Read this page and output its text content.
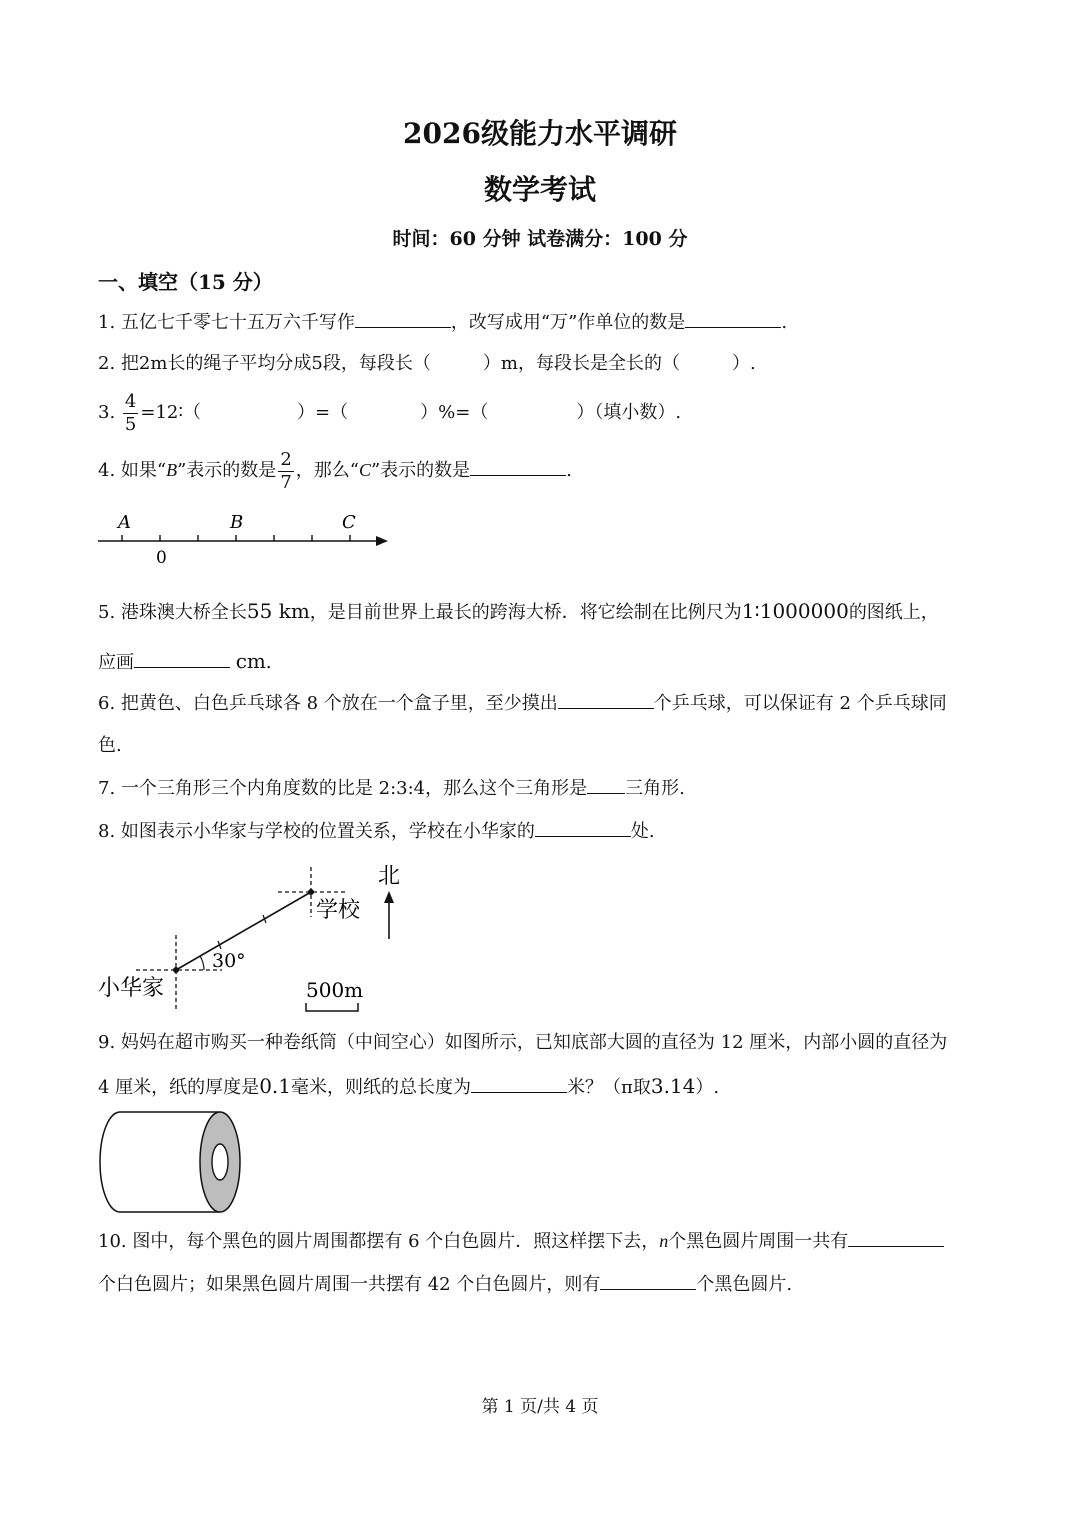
2026级能力水平调研
数学考试
时间：60 分钟 试卷满分：100 分
一、填空（15 分）
1. 五亿七千零七十五万六千写作	，改写成用“万”作单位的数是	.
2. 把2m长的绳子平均分成5段，每段长（	）m，每段长是全长的（	）.
3. $\frac{4}{5}$ =12∶（	）=（	）%=（	）（填小数）.
4. 如果“B”表示的数是 $\frac{2}{7}$ ，那么“C”表示的数是	.
A	B	C
0
5. 港珠澳大桥全长55 km，是目前世界上最长的跨海大桥．将它绘制在比例尺为1∶1000000的图纸上，
应画	cm.
6. 把黄色、白色乒乓球各 8 个放在一个盒子里，至少摸出	个乒乓球，可以保证有 2 个乒乓球同
色.
7. 一个三角形三个内角度数的比是 2:3:4，那么这个三角形是 三角形.
8. 如图表示小华家与学校的位置关系，学校在小华家的	处.
30°
学校
小华家
北
500m
9. 妈妈在超市购买一种卷纸筒（中间空心）如图所示，已知底部大圆的直径为 12 厘米，内部小圆的直径为
4 厘米，纸的厚度是0.1毫米，则纸的总长度为	米？（π取3.14）.
10. 图中，每个黑色的圆片周围都摆有 6 个白色圆片．照这样摆下去，n个黑色圆片周围一共有
个白色圆片；如果黑色圆片周围一共摆有 42 个白色圆片，则有	个黑色圆片.
第 1 页/共 4 页
